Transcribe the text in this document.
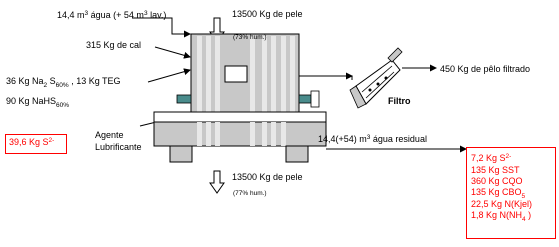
14,4 $m^3$ água (+ 54 $m^3$ lav.)	13500 Kg de pele
(73% hum.)
315 Kg de cal
36 Kg $Na_2$ $S_{60\%}$ , 13 Kg TEG
90 Kg NaHS$_{60\%}$
Agente
Lubrificante
39,6 Kg $S^{2-}$
Filtro
450 Kg de pêlo filtrado
14,4(+54) $m^3$ água residual
13500 Kg de pele
(77% hum.)
7,2 Kg $S^{2-}$
135 Kg SST
360 Kg CQO
135 Kg $CBO_5$
22,5 Kg N(Kjel)
1,8 Kg $N(NH_4$ )
